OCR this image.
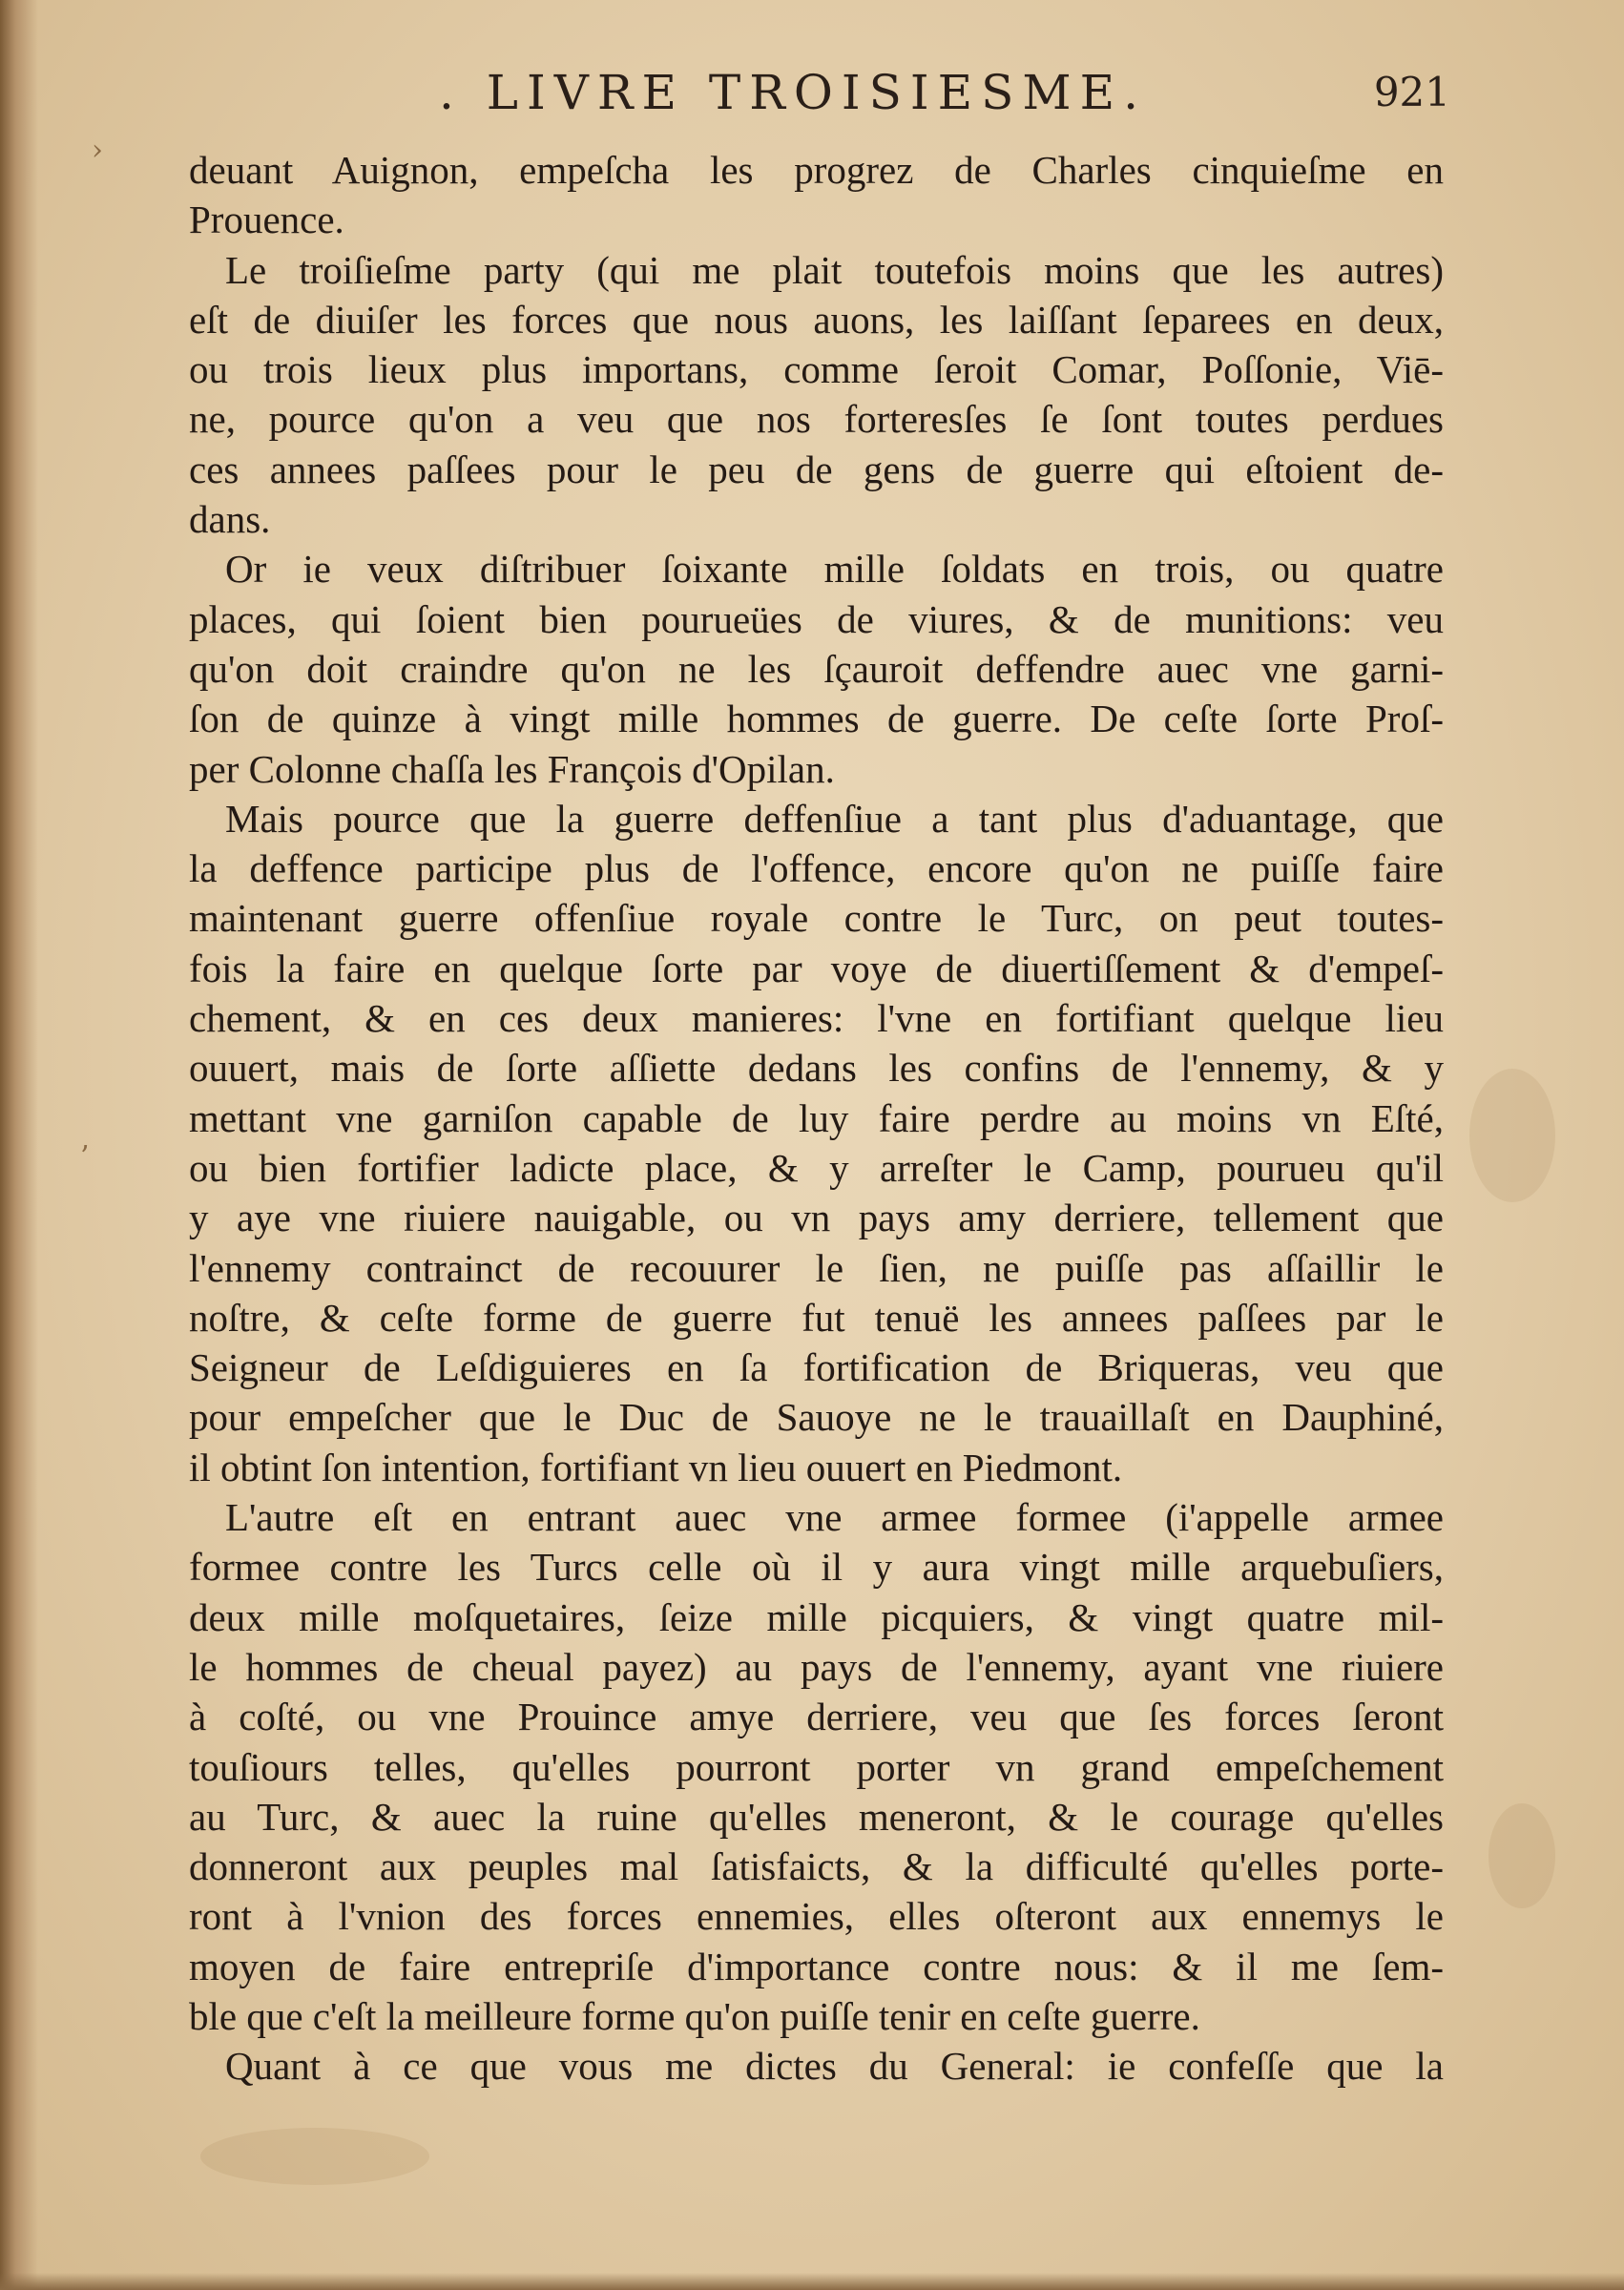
›
’
. LIVRE TROISIESME.	921
deuant Auignon, empeſcha les progrez de Charles cinquieſme en
Prouence.
Le troiſieſme party (qui me plait toutefois moins que les autres)
eſt de diuiſer les forces que nous auons, les laiſſant ſeparees en deux,
ou trois lieux plus importans, comme ſeroit Comar, Poſſonie, Viē-
ne, pource qu'on a veu que nos forteresſes ſe ſont toutes perdues
ces annees paſſees pour le peu de gens de guerre qui eſtoient de-
dans.
Or ie veux diſtribuer ſoixante mille ſoldats en trois, ou quatre
places, qui ſoient bien pourueües de viures, & de munitions: veu
qu'on doit craindre qu'on ne les ſçauroit deffendre auec vne garni-
ſon de quinze à vingt mille hommes de guerre. De ceſte ſorte Proſ-
per Colonne chaſſa les François d'Opilan.
Mais pource que la guerre deffenſiue a tant plus d'aduantage, que
la deffence participe plus de l'offence, encore qu'on ne puiſſe faire
maintenant guerre offenſiue royale contre le Turc, on peut toutes-
fois la faire en quelque ſorte par voye de diuertiſſement & d'empeſ-
chement, & en ces deux manieres: l'vne en fortifiant quelque lieu
ouuert, mais de ſorte aſſiette dedans les confins de l'ennemy, & y
mettant vne garniſon capable de luy faire perdre au moins vn Eſté,
ou bien fortifier ladicte place, & y arreſter le Camp, pourueu qu'il
y aye vne riuiere nauigable, ou vn pays amy derriere, tellement que
l'ennemy contrainct de recouurer le ſien, ne puiſſe pas aſſaillir le
noſtre, & ceſte forme de guerre fut tenuë les annees paſſees par le
Seigneur de Leſdiguieres en ſa fortification de Briqueras, veu que
pour empeſcher que le Duc de Sauoye ne le trauaillaſt en Dauphiné,
il obtint ſon intention, fortifiant vn lieu ouuert en Piedmont.
L'autre eſt en entrant auec vne armee formee (i'appelle armee
formee contre les Turcs celle où il y aura vingt mille arquebuſiers,
deux mille moſquetaires, ſeize mille picquiers, & vingt quatre mil-
le hommes de cheual payez) au pays de l'ennemy, ayant vne riuiere
à coſté, ou vne Prouince amye derriere, veu que ſes forces ſeront
touſiours telles, qu'elles pourront porter vn grand empeſchement
au Turc, & auec la ruine qu'elles meneront, & le courage qu'elles
donneront aux peuples mal ſatisfaicts, & la difficulté qu'elles porte-
ront à l'vnion des forces ennemies, elles oſteront aux ennemys le
moyen de faire entrepriſe d'importance contre nous: & il me ſem-
ble que c'eſt la meilleure forme qu'on puiſſe tenir en ceſte guerre.
Quant à ce que vous me dictes du General: ie confeſſe que la
